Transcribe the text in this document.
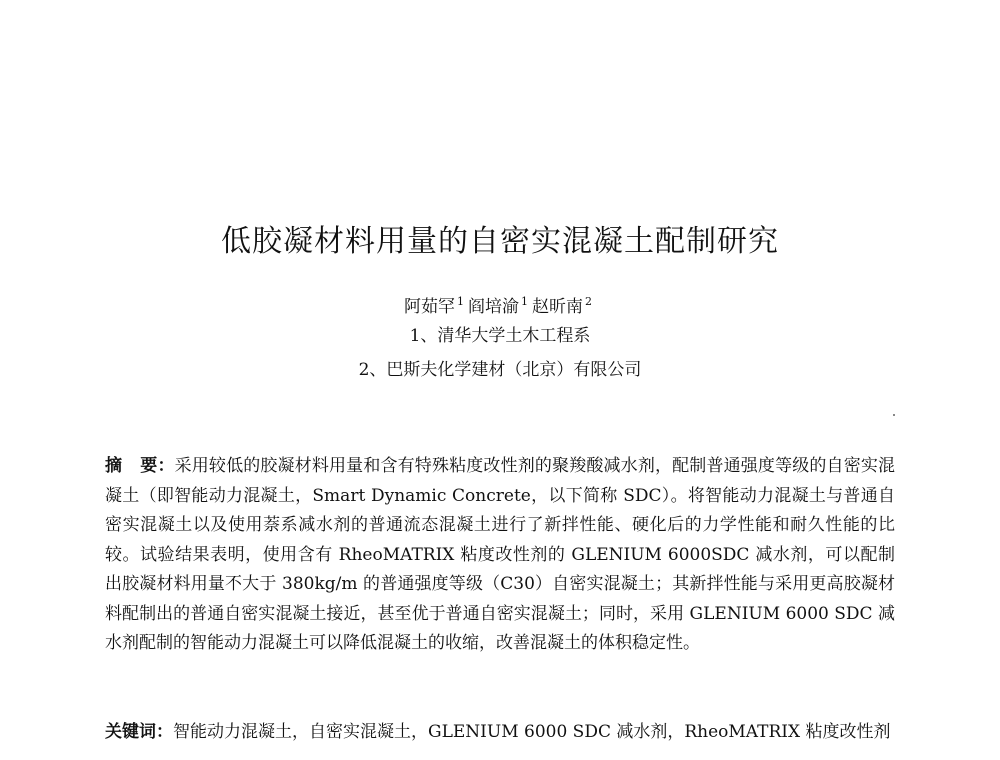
低胶凝材料用量的自密实混凝土配制研究
阿茹罕 $^1$ 阎培渝 $^1$ 赵昕南 $^2$
1、清华大学土木工程系
2、巴斯夫化学建材（北京）有限公司

摘 要：采用较低的胶凝材料用量和含有特殊粘度改性剂的聚羧酸减水剂，配制普通强度等级的自密实混凝土（即智能动力混凝土，Smart Dynamic Concrete，以下简称 SDC）。将智能动力混凝土与普通自密实混凝土以及使用萘系减水剂的普通流态混凝土进行了新拌性能、硬化后的力学性能和耐久性能的比较。试验结果表明，使用含有 RheoMATRIX 粘度改性剂的 GLENIUM 6000SDC 减水剂，可以配制出胶凝材料用量不大于 380kg/m 的普通强度等级（C30）自密实混凝土；其新拌性能与采用更高胶凝材料配制出的普通自密实混凝土接近，甚至优于普通自密实混凝土；同时，采用 GLENIUM 6000 SDC 减水剂配制的智能动力混凝土可以降低混凝土的收缩，改善混凝土的体积稳定性。

关键词：智能动力混凝土，自密实混凝土，GLENIUM 6000 SDC 减水剂，RheoMATRIX 粘度改性剂
